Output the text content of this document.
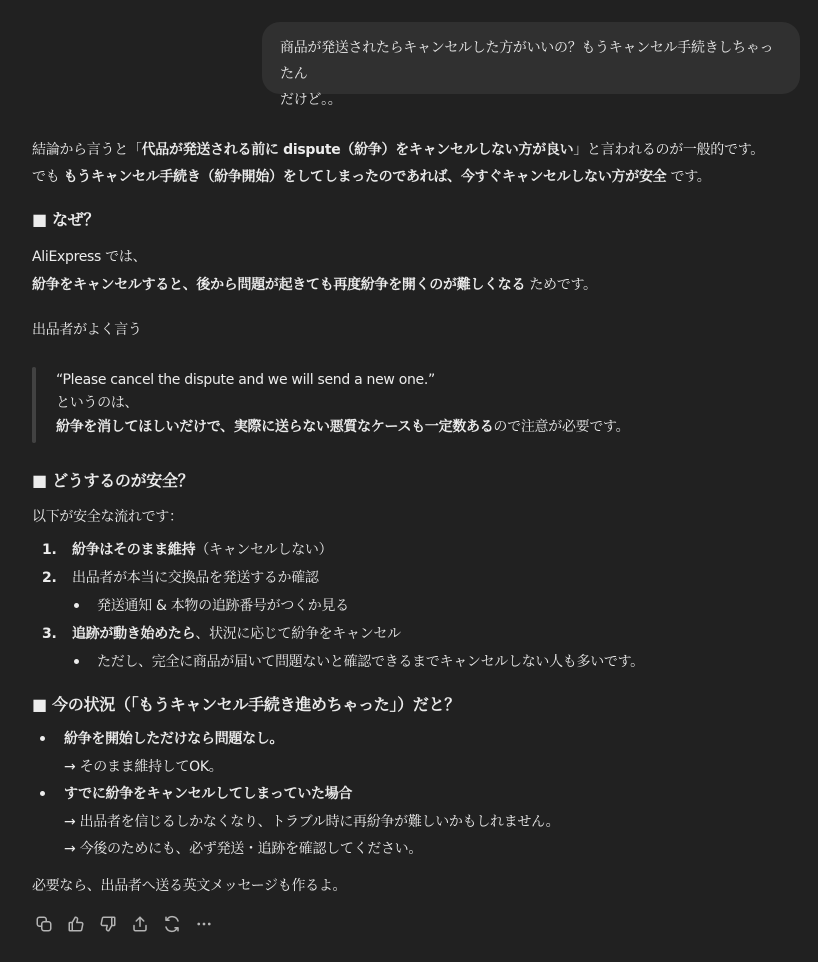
商品が発送されたらキャンセルした方がいいの？もうキャンセル手続きしちゃったん
だけど。。
結論から言うと「代品が発送される前に dispute（紛争）をキャンセルしない方が良い」と言われるのが一般的です。
でも もうキャンセル手続き（紛争開始）をしてしまったのであれば、今すぐキャンセルしない方が安全 です。
■ なぜ？
AliExpress では、
紛争をキャンセルすると、後から問題が起きても再度紛争を開くのが難しくなる ためです。
出品者がよく言う
“Please cancel the dispute and we will send a new one.”
というのは、
紛争を消してほしいだけで、実際に送らない悪質なケースも一定数あるので注意が必要です。
■ どうするのが安全？
以下が安全な流れです：
1. 紛争はそのまま維持（キャンセルしない）
2. 出品者が本当に交換品を発送するか確認
発送通知 & 本物の追跡番号がつくか見る
3. 追跡が動き始めたら、状況に応じて紛争をキャンセル
ただし、完全に商品が届いて問題ないと確認できるまでキャンセルしない人も多いです。
■ 今の状況（「もうキャンセル手続き進めちゃった」）だと？
紛争を開始しただけなら問題なし。
→ そのまま維持してOK。
すでに紛争をキャンセルしてしまっていた場合
→ 出品者を信じるしかなくなり、トラブル時に再紛争が難しいかもしれません。
→ 今後のためにも、必ず発送・追跡を確認してください。
必要なら、出品者へ送る英文メッセージも作るよ。
